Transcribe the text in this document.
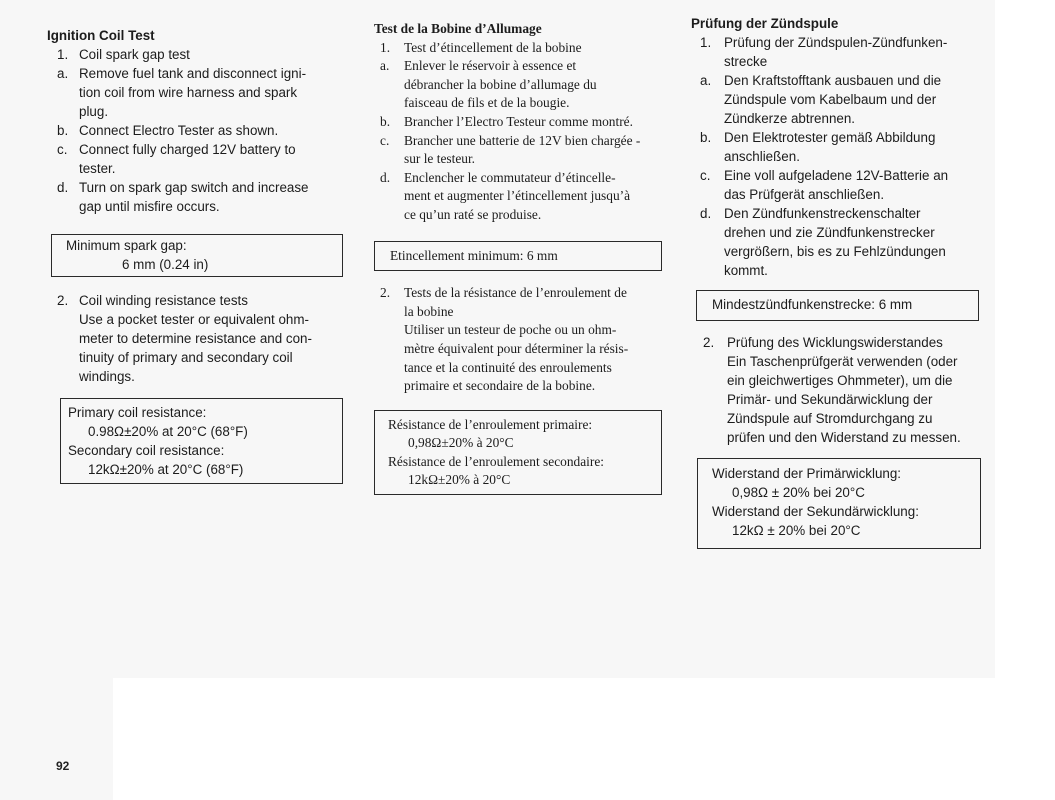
Ignition Coil Test

1. Coil spark gap test
a. Remove fuel tank and disconnect igni-
tion coil from wire harness and spark
plug.
b. Connect Electro Tester as shown.
c. Connect fully charged 12V battery to
tester.
d. Turn on spark gap switch and increase
gap until misfire occurs.

Minimum spark gap:

6 mm (0.24 in)

2. Coil winding resistance tests
Use a pocket tester or equivalent ohm-
meter to determine resistance and con-
tinuity of primary and secondary coil
windings.

Primary coil resistance:

0.98Ω±20% at 20°C (68°F)

Secondary coil resistance:

12kΩ±20% at 20°C (68°F)

Test de la Bobine d’Allumage

1.	Test d’étincellement de la bobine
a.	Enlever le réservoir à essence et
débrancher la bobine d’allumage du
faisceau de fils et de la bougie.
b.	Brancher l’Electro Testeur comme montré.
c.	Brancher une batterie de 12V bien chargée -
sur le testeur.
d.	Enclencher le commutateur d’étincelle-
ment et augmenter l’étincellement jusqu’à
ce qu’un raté se produise.

Etincellement minimum: 6 mm

2.	Tests de la résistance de l’enroulement de
la bobine
Utiliser un testeur de poche ou un ohm-
mètre équivalent pour déterminer la résis-
tance et la continuité des enroulements
primaire et secondaire de la bobine.

Résistance de l’enroulement primaire:

0,98Ω±20% à 20°C

Résistance de l’enroulement secondaire:

12kΩ±20% à 20°C

Prüfung der Zündspule

1. Prüfung der Zündspulen-Zündfunken-
strecke
a. Den Kraftstofftank ausbauen und die
Zündspule vom Kabelbaum und der
Zündkerze abtrennen.
b. Den Elektrotester gemäß Abbildung
anschließen.
c.	Eine voll aufgeladene 12V-Batterie an
das Prüfgerät anschließen.
d. Den Zündfunkenstreckenschalter
drehen und zie Zündfunkenstrecker
vergrößern, bis es zu Fehlzündungen
kommt.

Mindestzündfunkenstrecke: 6 mm

2. Prüfung des Wicklungswiderstandes
Ein Taschenprüfgerät verwenden (oder
ein gleichwertiges Ohmmeter), um die
Primär- und Sekundärwicklung der
Zündspule auf Stromdurchgang zu
prüfen und den Widerstand zu messen.

Widerstand der Primärwicklung:

0,98Ω ± 20% bei 20°C

Widerstand der Sekundärwicklung:

12kΩ ± 20% bei 20°C

92
